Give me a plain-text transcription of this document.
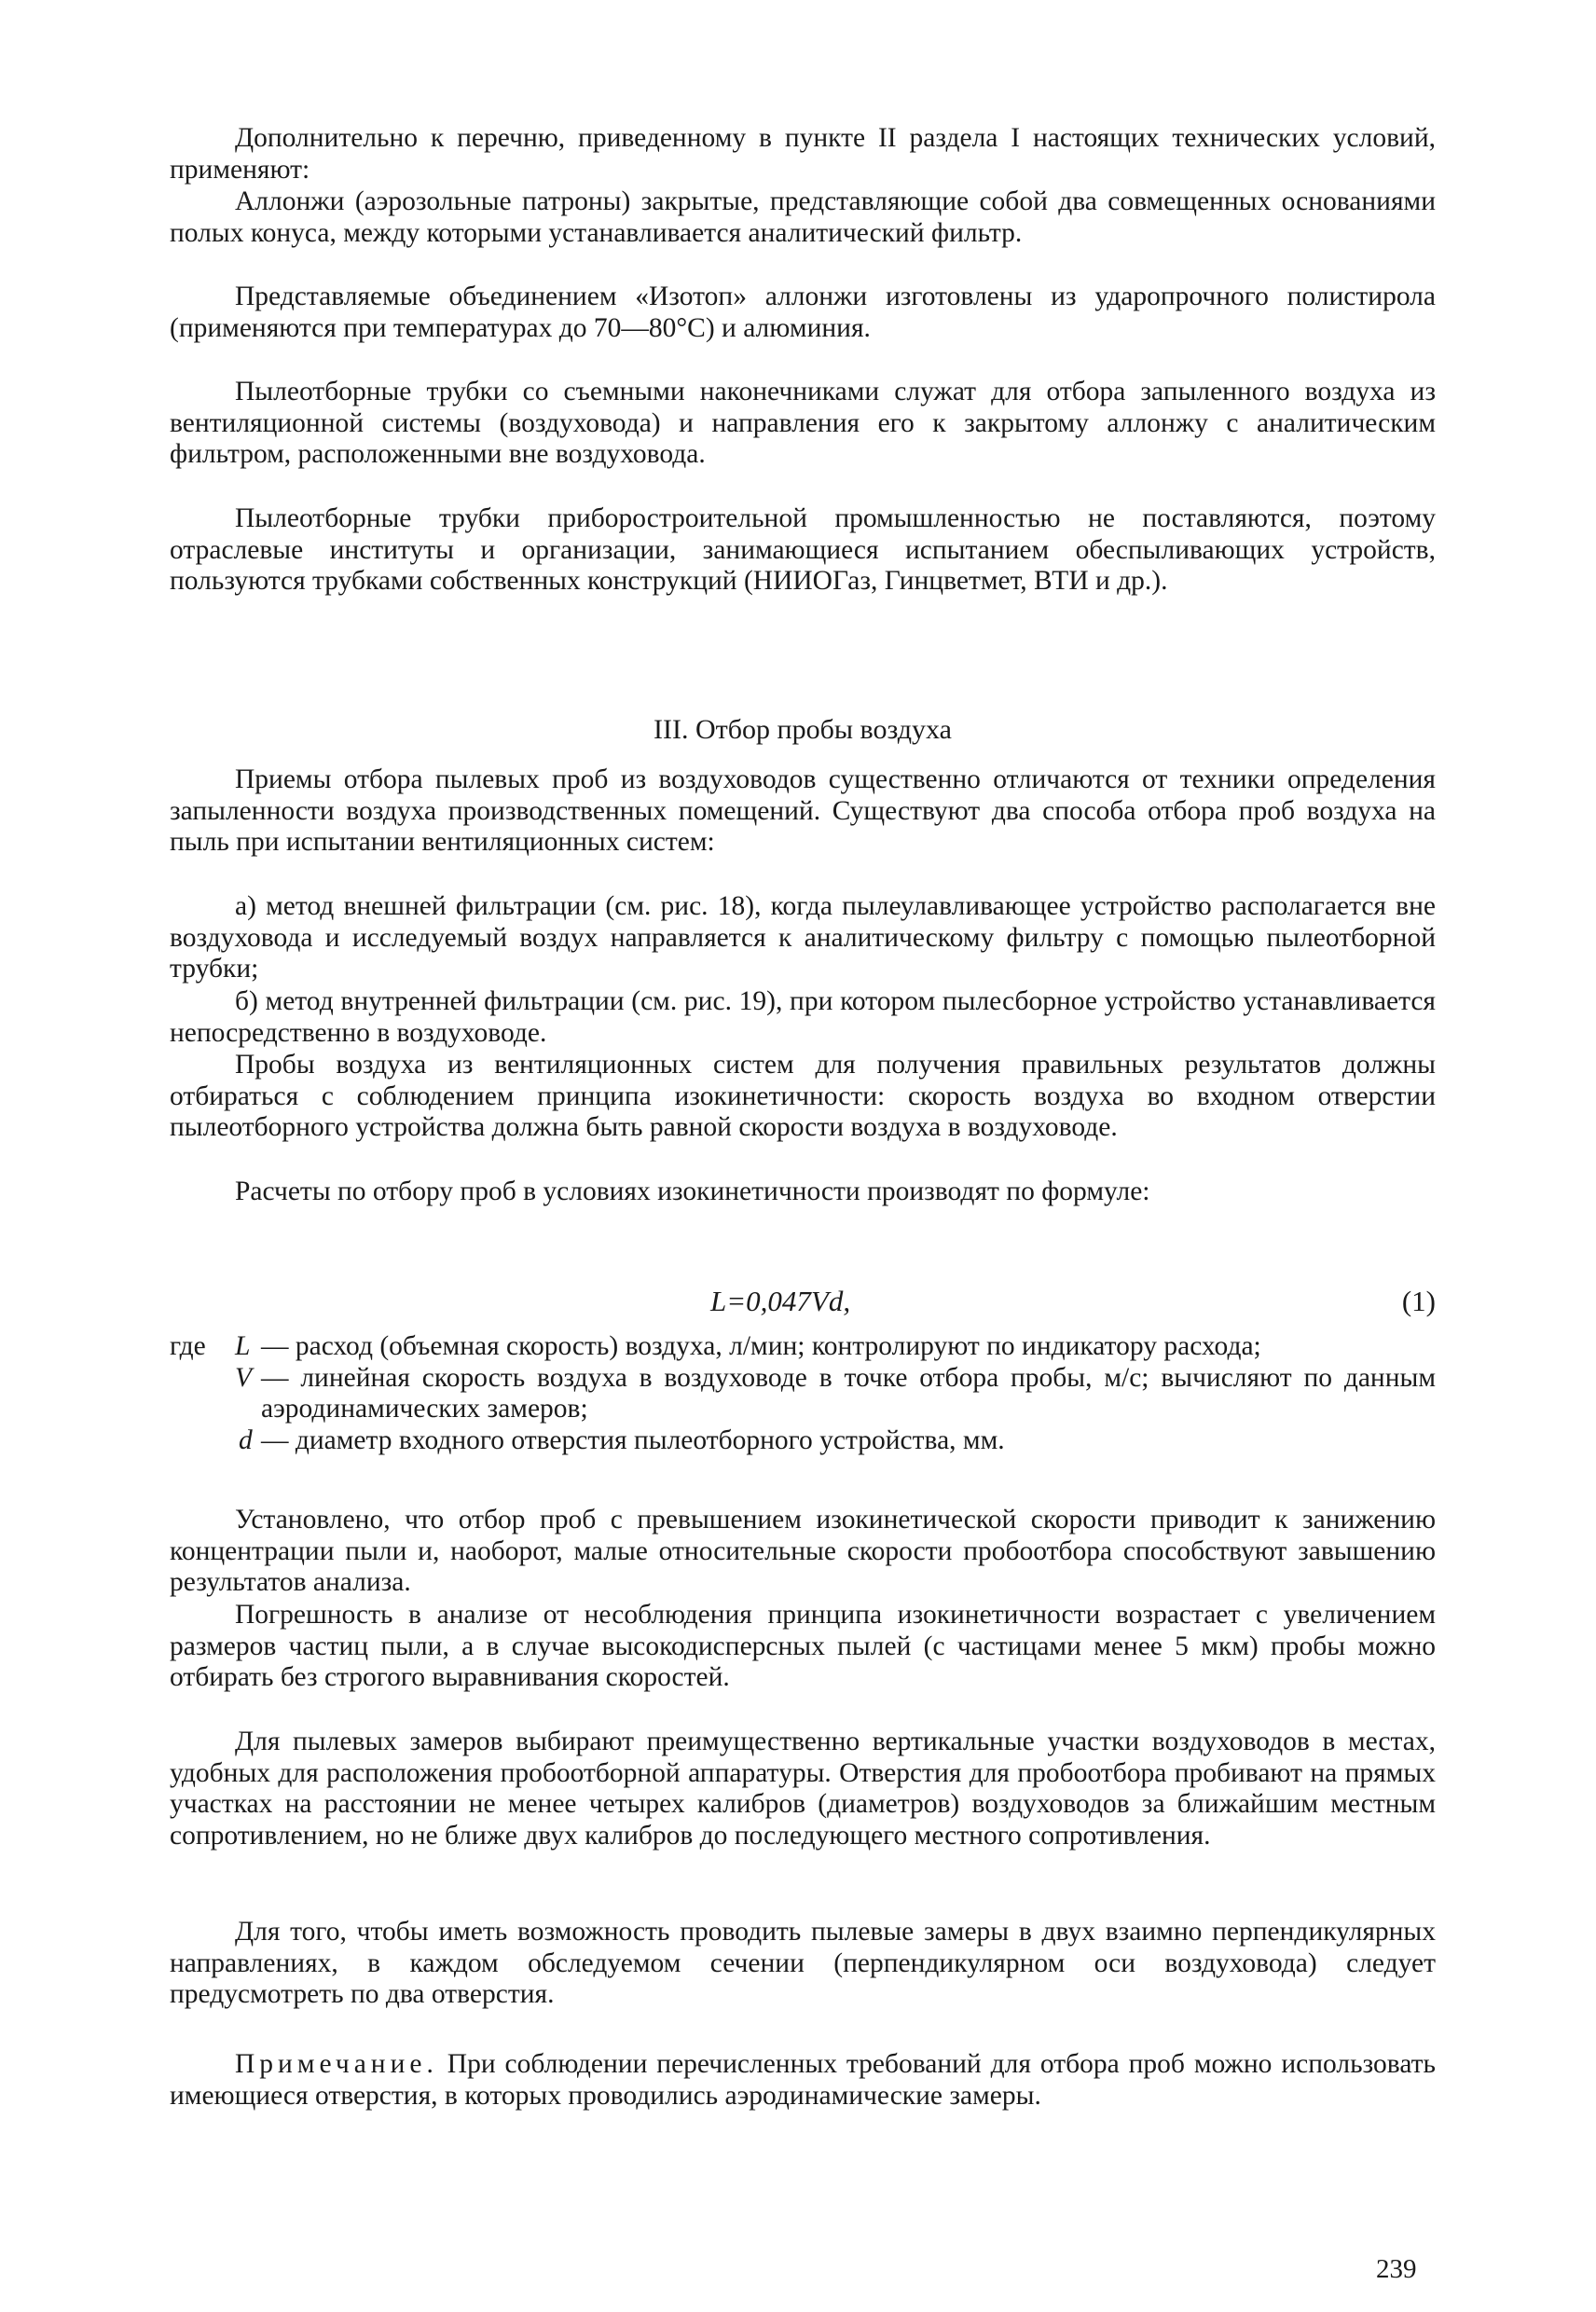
Дополнительно к перечню, приведенному в пункте II раздела I настоящих технических условий, применяют:

Аллонжи (аэрозольные патроны) закрытые, представляющие собой два совмещенных основаниями полых конуса, между которыми устанавливается аналитический фильтр.

Представляемые объединением «Изотоп» аллонжи изготовлены из ударопрочного полистирола (применяются при температурах до 70—80°С) и алюминия.

Пылеотборные трубки со съемными наконечниками служат для отбора запыленного воздуха из вентиляционной системы (воздуховода) и направления его к закрытому аллонжу с аналитическим фильтром, расположенными вне воздуховода.

Пылеотборные трубки приборостроительной промышленностью не поставляются, поэтому отраслевые институты и организации, занимающиеся испытанием обеспыливающих устройств, пользуются трубками собственных конструкций (НИИОГаз, Гинцветмет, ВТИ и др.).

III. Отбор пробы воздуха

Приемы отбора пылевых проб из воздуховодов существенно отличаются от техники определения запыленности воздуха производственных помещений. Существуют два способа отбора проб воздуха на пыль при испытании вентиляционных систем:

а) метод внешней фильтрации (см. рис. 18), когда пылеулавливающее устройство располагается вне воздуховода и исследуемый воздух направляется к аналитическому фильтру с помощью пылеотборной трубки;

б) метод внутренней фильтрации (см. рис. 19), при котором пылесборное устройство устанавливается непосредственно в воздуховоде.

Пробы воздуха из вентиляционных систем для получения правильных результатов должны отбираться с соблюдением принципа изокинетичности: скорость воздуха во входном отверстии пылеотборного устройства должна быть равной скорости воздуха в воздуховоде.

Расчеты по отбору проб в условиях изокинетичности производят по формуле:

L=0,047Vd,	(1)
где L — расход (объемная скорость) воздуха, л/мин; контролируют по индикатору расхода;
V — линейная скорость воздуха в воздуховоде в точке отбора пробы, м/с; вычисляют по данным аэродинамических замеров;
d — диаметр входного отверстия пылеотборного устройства, мм.

Установлено, что отбор проб с превышением изокинетической скорости приводит к занижению концентрации пыли и, наоборот, малые относительные скорости пробоотбора способствуют завышению результатов анализа.

Погрешность в анализе от несоблюдения принципа изокинетичности возрастает с увеличением размеров частиц пыли, а в случае высокодисперсных пылей (с частицами менее 5 мкм) пробы можно отбирать без строгого выравнивания скоростей.

Для пылевых замеров выбирают преимущественно вертикальные участки воздуховодов в местах, удобных для расположения пробоотборной аппаратуры. Отверстия для пробоотбора пробивают на прямых участках на расстоянии не менее четырех калибров (диаметров) воздуховодов за ближайшим местным сопротивлением, но не ближе двух калибров до последующего местного сопротивления.

Для того, чтобы иметь возможность проводить пылевые замеры в двух взаимно перпендикулярных направлениях, в каждом обследуемом сечении (перпендикулярном оси воздуховода) следует предусмотреть по два отверстия.

Примечание. При соблюдении перечисленных требований для отбора проб можно использовать имеющиеся отверстия, в которых проводились аэродинамические замеры.

239
